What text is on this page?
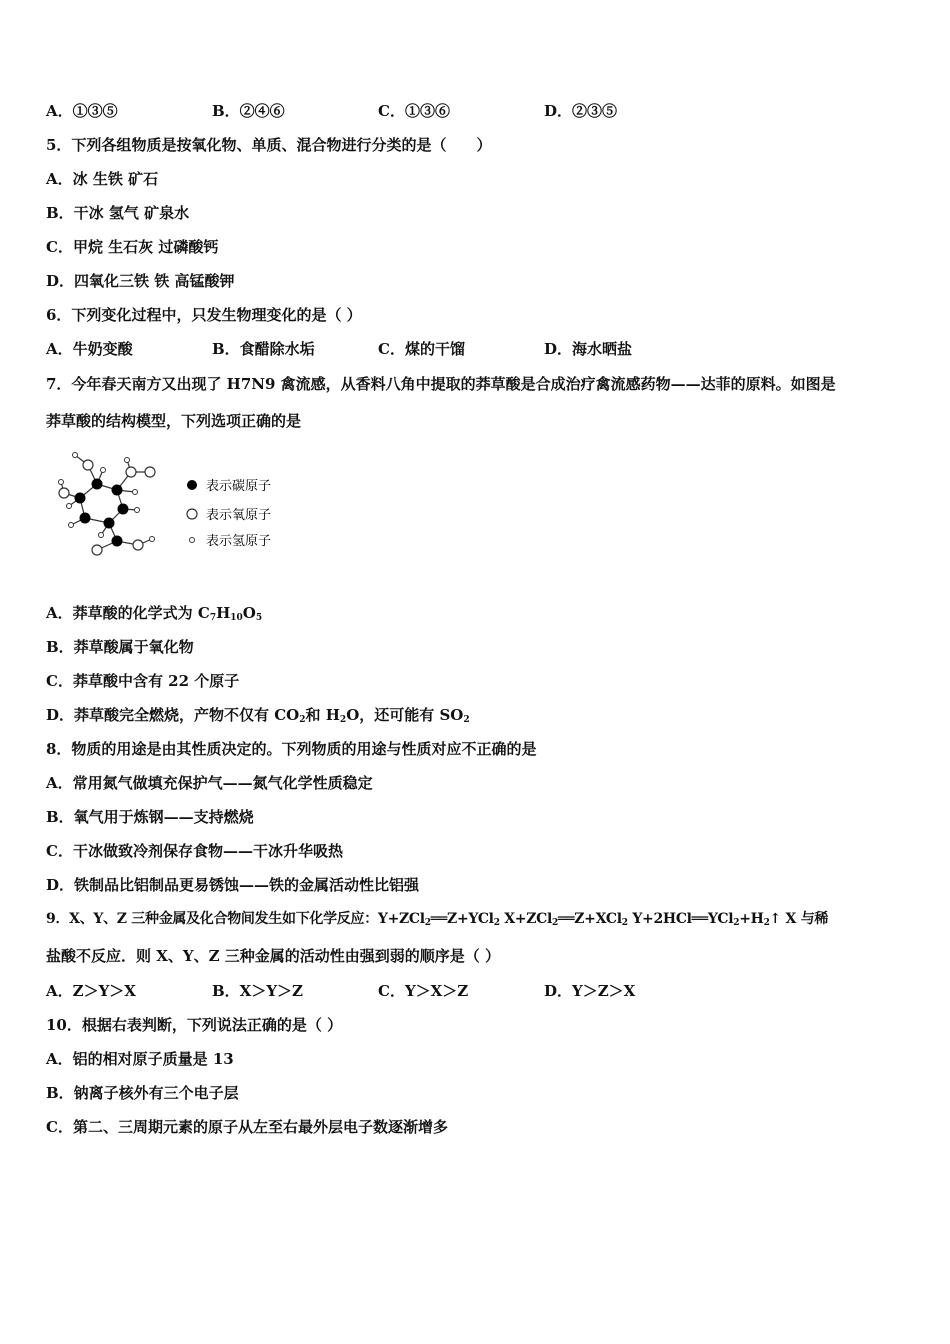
A．①③⑤	B．②④⑥	C．①③⑥	D．②③⑤
5．下列各组物质是按氧化物、单质、混合物进行分类的是（　　）
A．冰 生铁 矿石
B．干冰 氢气 矿泉水
C．甲烷 生石灰 过磷酸钙
D．四氧化三铁 铁 高锰酸钾
6．下列变化过程中，只发生物理变化的是（ ）
A．牛奶变酸	B．食醋除水垢	C．煤的干馏	D．海水晒盐
7．今年春天南方又出现了 H7N9 禽流感，从香料八角中提取的莽草酸是合成治疗禽流感药物——达菲的原料。如图是
莽草酸的结构模型，下列选项正确的是
表示碳原子
表示氧原子
表示氢原子
A．莽草酸的化学式为 $C_7H_{10}O_5$
B．莽草酸属于氧化物
C．莽草酸中含有 22 个原子
D．莽草酸完全燃烧，产物不仅有 $CO_2$和 $H_2O$，还可能有 $SO_2$
8．物质的用途是由其性质决定的。下列物质的用途与性质对应不正确的是
A．常用氮气做填充保护气——氮气化学性质稳定
B．氧气用于炼钢——支持燃烧
C．干冰做致冷剂保存食物——干冰升华吸热
D．铁制品比铝制品更易锈蚀——铁的金属活动性比铝强
9．X、Y、Z 三种金属及化合物间发生如下化学反应：Y+ZCl$_2$══Z+YCl$_2$ X+ZCl$_2$══Z+XCl$_2$ $Y+2HCl══YCl_2+H_2↑$ X 与稀
盐酸不反应．则 X、Y、Z 三种金属的活动性由强到弱的顺序是（ ）
A．Z＞Y＞X	B．X＞Y＞Z	C．Y＞X＞Z	D．Y＞Z＞X
10．根据右表判断，下列说法正确的是（ ）
A．铝的相对原子质量是 13
B．钠离子核外有三个电子层
C．第二、三周期元素的原子从左至右最外层电子数逐渐增多
